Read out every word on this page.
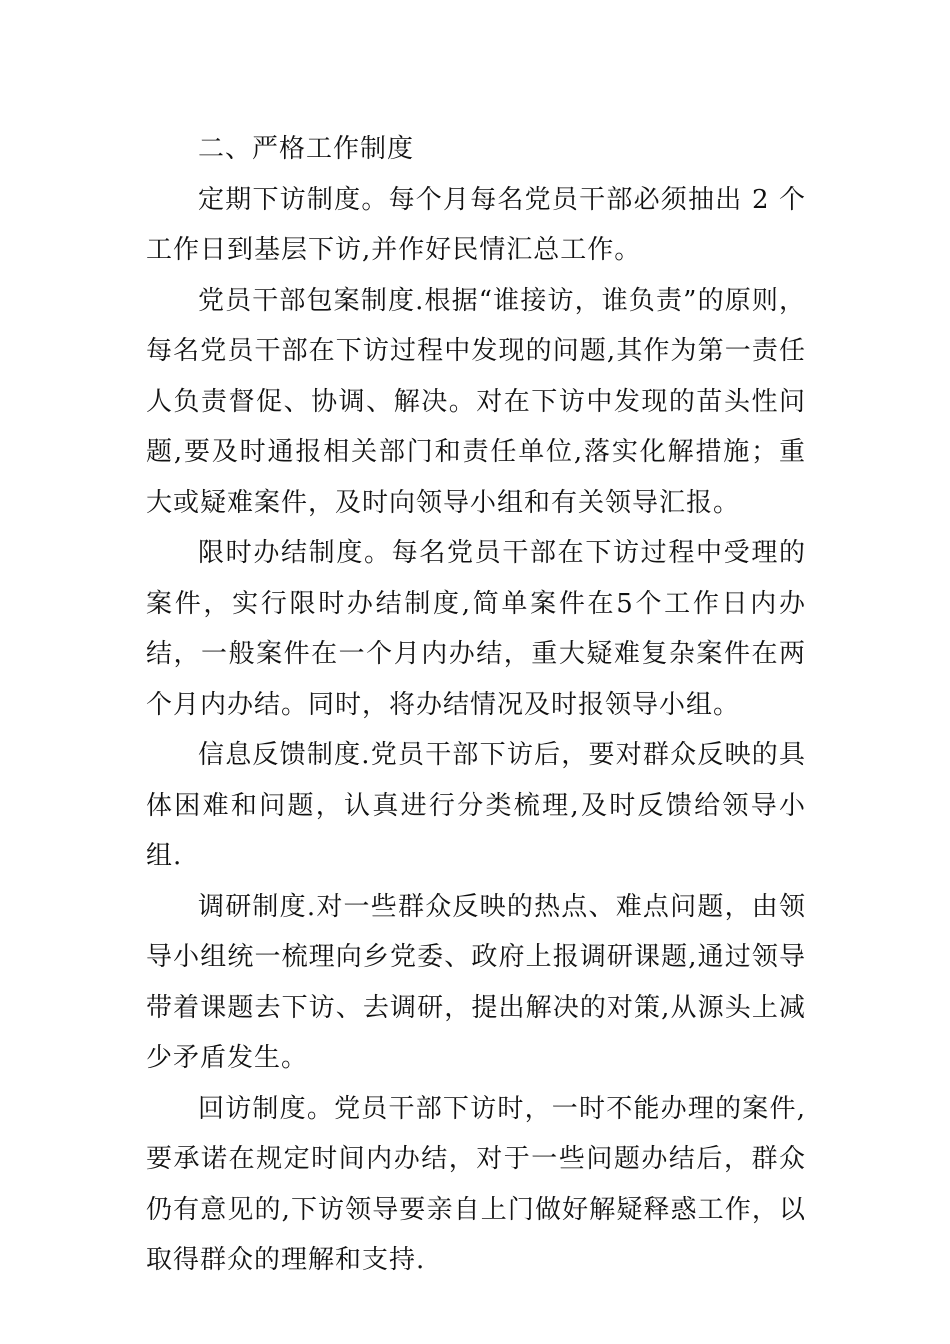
二、严格工作制度

定期下访制度。每个月每名党员干部必须抽出 2 个工作日到基层下访,并作好民情汇总工作。

党员干部包案制度.根据“谁接访，谁负责”的原则，每名党员干部在下访过程中发现的问题,其作为第一责任人负责督促、协调、解决。对在下访中发现的苗头性问题,要及时通报相关部门和责任单位,落实化解措施；重大或疑难案件，及时向领导小组和有关领导汇报。

限时办结制度。每名党员干部在下访过程中受理的案件，实行限时办结制度,简单案件在5个工作日内办结，一般案件在一个月内办结，重大疑难复杂案件在两个月内办结。同时，将办结情况及时报领导小组。

信息反馈制度.党员干部下访后，要对群众反映的具体困难和问题，认真进行分类梳理,及时反馈给领导小组.

调研制度.对一些群众反映的热点、难点问题，由领导小组统一梳理向乡党委、政府上报调研课题,通过领导带着课题去下访、去调研，提出解决的对策,从源头上减少矛盾发生。

回访制度。党员干部下访时，一时不能办理的案件,要承诺在规定时间内办结，对于一些问题办结后，群众仍有意见的,下访领导要亲自上门做好解疑释惑工作，以取得群众的理解和支持.
